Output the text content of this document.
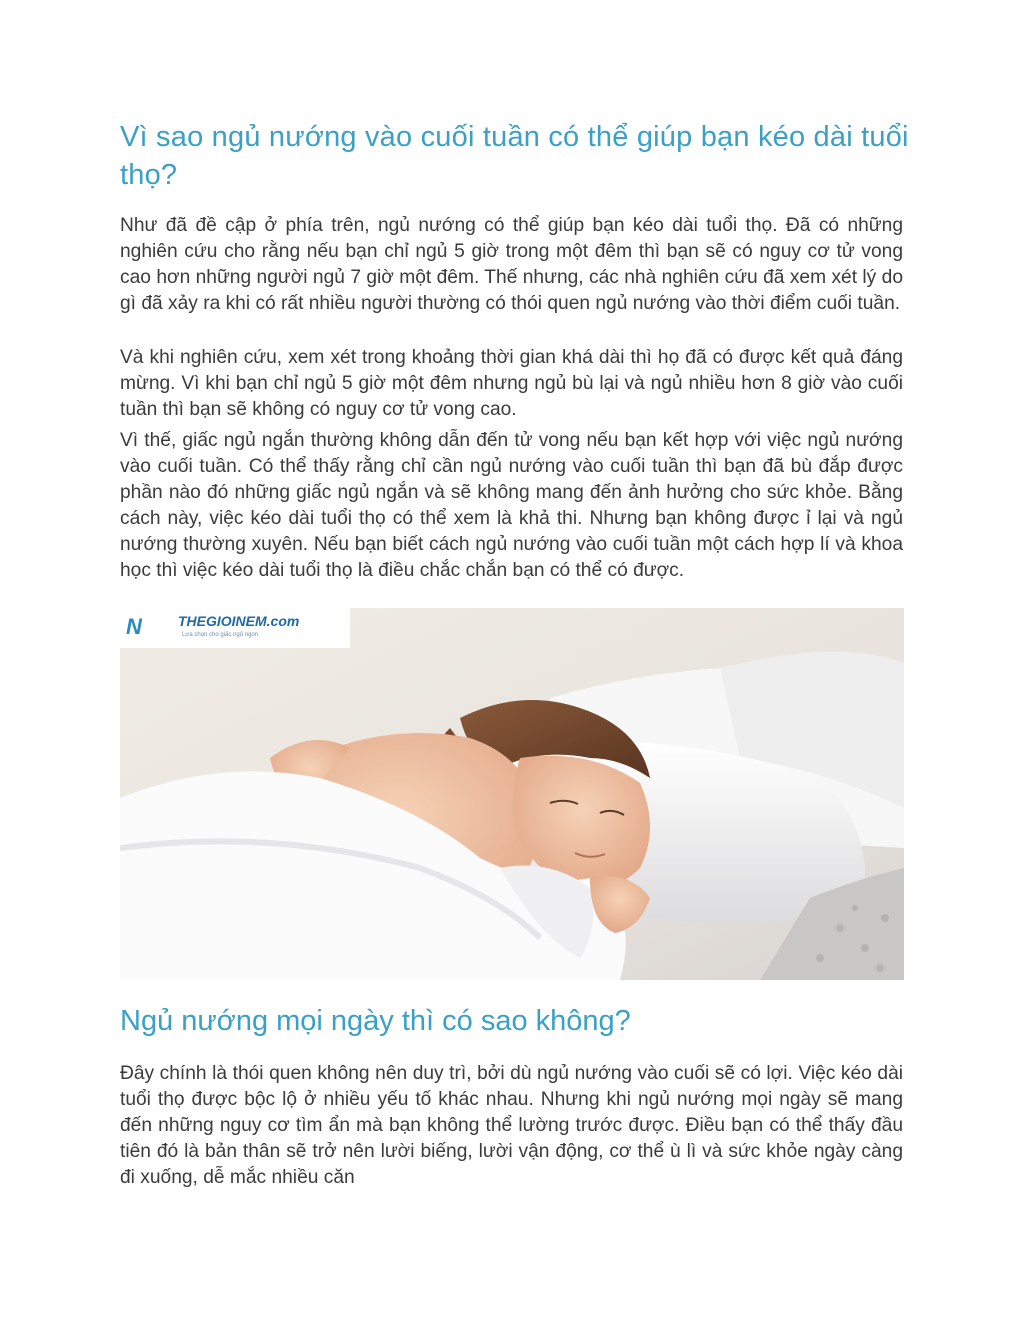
Vì sao ngủ nướng vào cuối tuần có thể giúp bạn kéo dài tuổi thọ?

Như đã đề cập ở phía trên, ngủ nướng có thể giúp bạn kéo dài tuổi thọ. Đã có những nghiên cứu cho rằng nếu bạn chỉ ngủ 5 giờ trong một đêm thì bạn sẽ có nguy cơ tử vong cao hơn những người ngủ 7 giờ một đêm. Thế nhưng, các nhà nghiên cứu đã xem xét lý do gì đã xảy ra khi có rất nhiều người thường có thói quen ngủ nướng vào thời điểm cuối tuần.

Và khi nghiên cứu, xem xét trong khoảng thời gian khá dài thì họ đã có được kết quả đáng mừng. Vì khi bạn chỉ ngủ 5 giờ một đêm nhưng ngủ bù lại và ngủ nhiều hơn 8 giờ vào cuối tuần thì bạn sẽ không có nguy cơ tử vong cao.

Vì thế, giấc ngủ ngắn thường không dẫn đến tử vong nếu bạn kết hợp với việc ngủ nướng vào cuối tuần. Có thể thấy rằng chỉ cần ngủ nướng vào cuối tuần thì bạn đã bù đắp được phần nào đó những giấc ngủ ngắn và sẽ không mang đến ảnh hưởng cho sức khỏe. Bằng cách này, việc kéo dài tuổi thọ có thể xem là khả thi. Nhưng bạn không được ỉ lại và ngủ nướng thường xuyên. Nếu bạn biết cách ngủ nướng vào cuối tuần một cách hợp lí và khoa học thì việc kéo dài tuổi thọ là điều chắc chắn bạn có thể có được.

N	THEGIOINEM.com
Lựa chọn cho giấc ngủ ngon
Ngủ nướng mọi ngày thì có sao không?

Đây chính là thói quen không nên duy trì, bởi dù ngủ nướng vào cuối sẽ có lợi. Việc kéo dài tuổi thọ được bộc lộ ở nhiều yếu tố khác nhau. Nhưng khi ngủ nướng mọi ngày sẽ mang đến những nguy cơ tìm ẩn mà bạn không thể lường trước được. Điều bạn có thể thấy đầu tiên đó là bản thân sẽ trở nên lười biếng, lười vận động, cơ thể ù lì và sức khỏe ngày càng đi xuống, dễ mắc nhiều căn
